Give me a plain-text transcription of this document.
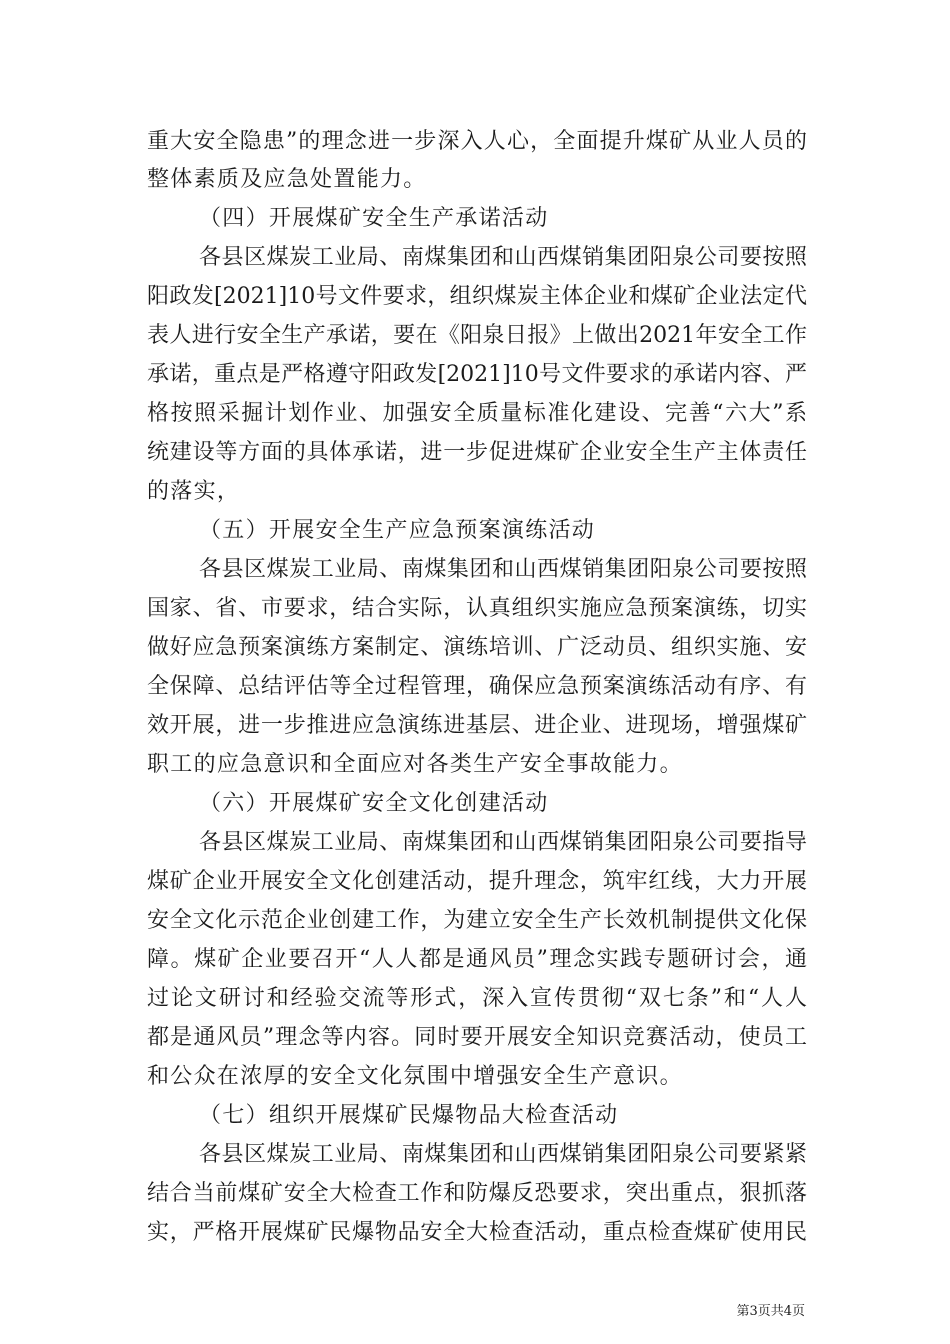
重大安全隐患”的理念进一步深入人心，全面提升煤矿从业人员的
整体素质及应急处置能力。
（四）开展煤矿安全生产承诺活动
各县区煤炭工业局、南煤集团和山西煤销集团阳泉公司要按照
阳政发[2021]10号文件要求，组织煤炭主体企业和煤矿企业法定代
表人进行安全生产承诺，要在《阳泉日报》上做出2021年安全工作
承诺，重点是严格遵守阳政发[2021]10号文件要求的承诺内容、严
格按照采掘计划作业、加强安全质量标准化建设、完善“六大”系
统建设等方面的具体承诺，进一步促进煤矿企业安全生产主体责任
的落实，
（五）开展安全生产应急预案演练活动
各县区煤炭工业局、南煤集团和山西煤销集团阳泉公司要按照
国家、省、市要求，结合实际，认真组织实施应急预案演练，切实
做好应急预案演练方案制定、演练培训、广泛动员、组织实施、安
全保障、总结评估等全过程管理，确保应急预案演练活动有序、有
效开展，进一步推进应急演练进基层、进企业、进现场，增强煤矿
职工的应急意识和全面应对各类生产安全事故能力。
（六）开展煤矿安全文化创建活动
各县区煤炭工业局、南煤集团和山西煤销集团阳泉公司要指导
煤矿企业开展安全文化创建活动，提升理念，筑牢红线，大力开展
安全文化示范企业创建工作，为建立安全生产长效机制提供文化保
障。煤矿企业要召开“人人都是通风员”理念实践专题研讨会，通
过论文研讨和经验交流等形式，深入宣传贯彻“双七条”和“人人
都是通风员”理念等内容。同时要开展安全知识竞赛活动，使员工
和公众在浓厚的安全文化氛围中增强安全生产意识。
（七）组织开展煤矿民爆物品大检查活动
各县区煤炭工业局、南煤集团和山西煤销集团阳泉公司要紧紧
结合当前煤矿安全大检查工作和防爆反恐要求，突出重点，狠抓落
实，严格开展煤矿民爆物品安全大检查活动，重点检查煤矿使用民
第3页共4页
